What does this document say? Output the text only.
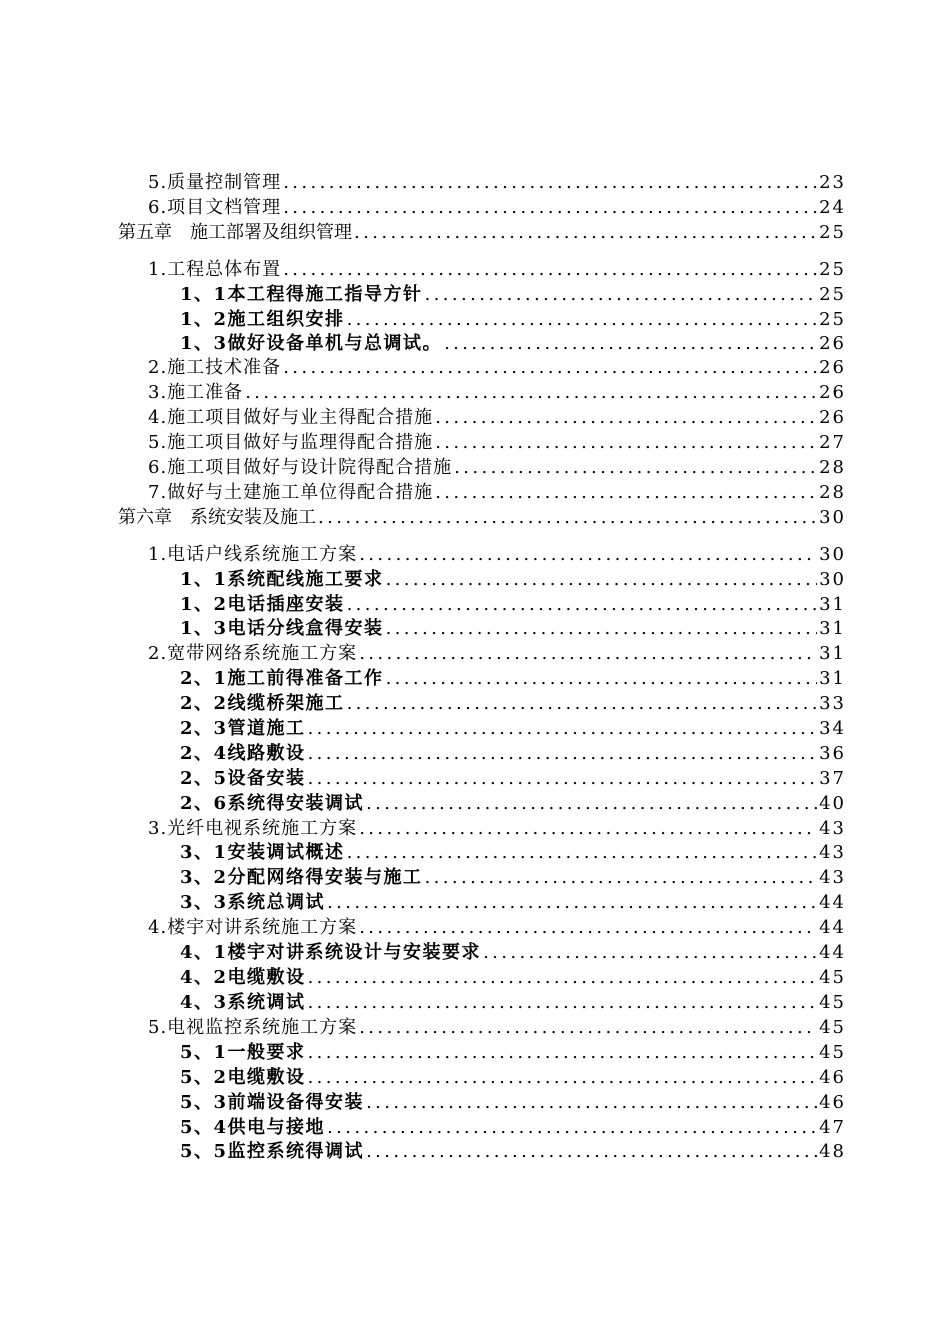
5.质量控制管理 .....	23
6.项目文档管理 .....	24
第五章　施工部署及组织管理 .....	25
1.工程总体布置 .....	25
1、1本工程得施工指导方针 .....	25
1、2施工组织安排 .....	25
1、3做好设备单机与总调试。 .....	26
2.施工技术准备 .....	26
3.施工准备 .....	26
4.施工项目做好与业主得配合措施 .....	26
5.施工项目做好与监理得配合措施 .....	27
6.施工项目做好与设计院得配合措施 .....	28
7.做好与土建施工单位得配合措施 .....	28
第六章　系统安装及施工 .....	30
1.电话户线系统施工方案 .....	30
1、1系统配线施工要求 .....	30
1、2电话插座安装 .....	31
1、3电话分线盒得安装 .....	31
2.宽带网络系统施工方案 .....	31
2、1施工前得准备工作 .....	31
2、2线缆桥架施工 .....	33
2、3管道施工 .....	34
2、4线路敷设 .....	36
2、5设备安装 .....	37
2、6系统得安装调试 .....	40
3.光纤电视系统施工方案 .....	43
3、1安装调试概述 .....	43
3、2分配网络得安装与施工 .....	43
3、3系统总调试 .....	44
4.楼宇对讲系统施工方案 .....	44
4、1楼宇对讲系统设计与安装要求 .....	44
4、2电缆敷设 .....	45
4、3系统调试 .....	45
5.电视监控系统施工方案 .....	45
5、1一般要求 .....	45
5、2电缆敷设 .....	46
5、3前端设备得安装 .....	46
5、4供电与接地 .....	47
5、5监控系统得调试 .....	48
